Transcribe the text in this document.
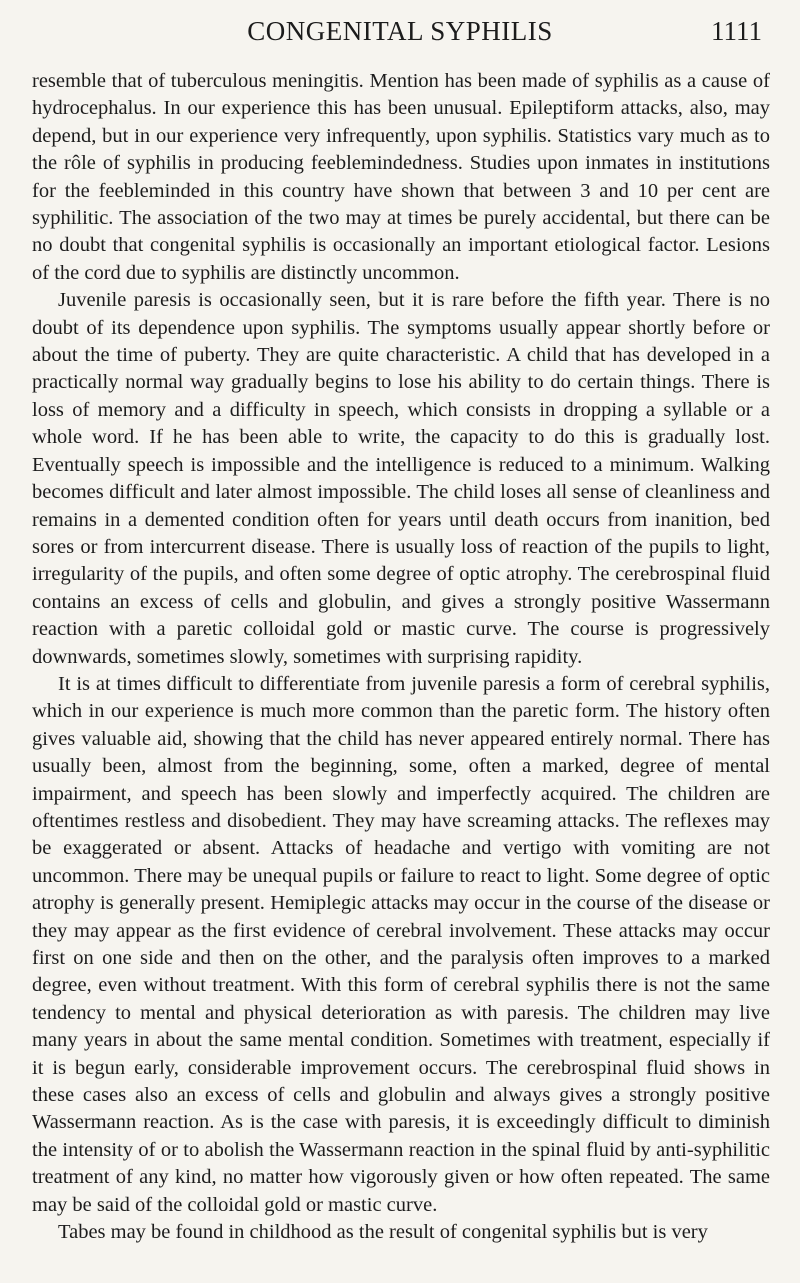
CONGENITAL SYPHILIS	1111

resemble that of tuberculous meningitis. Mention has been made of syphilis as a cause of hydrocephalus. In our experience this has been unusual. Epileptiform attacks, also, may depend, but in our experience very infrequently, upon syphilis. Statistics vary much as to the rôle of syphilis in producing feeblemindedness. Studies upon inmates in institutions for the feebleminded in this country have shown that between 3 and 10 per cent are syphilitic. The association of the two may at times be purely accidental, but there can be no doubt that congenital syphilis is occasionally an important etiological factor. Lesions of the cord due to syphilis are distinctly uncommon.

Juvenile paresis is occasionally seen, but it is rare before the fifth year. There is no doubt of its dependence upon syphilis. The symptoms usually appear shortly before or about the time of puberty. They are quite characteristic. A child that has developed in a practically normal way gradually begins to lose his ability to do certain things. There is loss of memory and a difficulty in speech, which consists in dropping a syllable or a whole word. If he has been able to write, the capacity to do this is gradually lost. Eventually speech is impossible and the intelligence is reduced to a minimum. Walking becomes difficult and later almost impossible. The child loses all sense of cleanliness and remains in a demented condition often for years until death occurs from inanition, bed sores or from intercurrent disease. There is usually loss of reaction of the pupils to light, irregularity of the pupils, and often some degree of optic atrophy. The cerebrospinal fluid contains an excess of cells and globulin, and gives a strongly positive Wassermann reaction with a paretic colloidal gold or mastic curve. The course is progressively downwards, sometimes slowly, sometimes with surprising rapidity.

It is at times difficult to differentiate from juvenile paresis a form of cerebral syphilis, which in our experience is much more common than the paretic form. The history often gives valuable aid, showing that the child has never appeared entirely normal. There has usually been, almost from the beginning, some, often a marked, degree of mental impairment, and speech has been slowly and imperfectly acquired. The children are oftentimes restless and disobedient. They may have screaming attacks. The reflexes may be exaggerated or absent. Attacks of headache and vertigo with vomiting are not uncommon. There may be unequal pupils or failure to react to light. Some degree of optic atrophy is generally present. Hemiplegic attacks may occur in the course of the disease or they may appear as the first evidence of cerebral involvement. These attacks may occur first on one side and then on the other, and the paralysis often improves to a marked degree, even without treatment. With this form of cerebral syphilis there is not the same tendency to mental and physical deterioration as with paresis. The children may live many years in about the same mental condition. Sometimes with treatment, especially if it is begun early, considerable improvement occurs. The cerebrospinal fluid shows in these cases also an excess of cells and globulin and always gives a strongly positive Wassermann reaction. As is the case with paresis, it is exceedingly difficult to diminish the intensity of or to abolish the Wassermann reaction in the spinal fluid by anti-syphilitic treatment of any kind, no matter how vigorously given or how often repeated. The same may be said of the colloidal gold or mastic curve.

Tabes may be found in childhood as the result of congenital syphilis but is very
